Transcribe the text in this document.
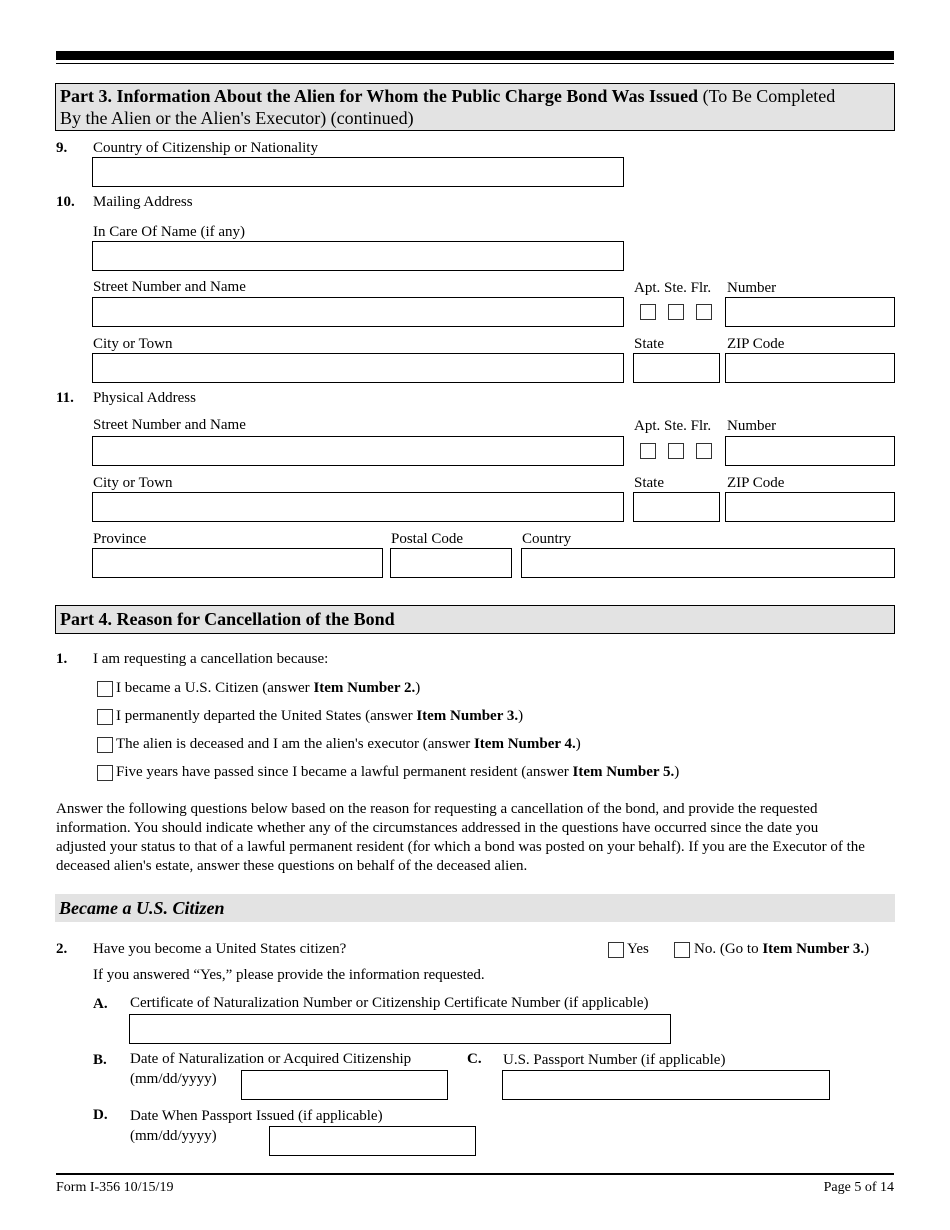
Part 3. Information About the Alien for Whom the Public Charge Bond Was Issued (To Be Completed
By the Alien or the Alien's Executor) (continued)
9. Country of Citizenship or Nationality
10. Mailing Address
In Care Of Name (if any)
Street Number and Name	Apt. Ste. Flr. Number
City or Town	State	ZIP Code
11. Physical Address
Street Number and Name	Apt. Ste. Flr. Number
City or Town	State	ZIP Code
Province	Postal Code	Country
Part 4. Reason for Cancellation of the Bond
1. I am requesting a cancellation because:
I became a U.S. Citizen (answer Item Number 2.)
I permanently departed the United States (answer Item Number 3.)
The alien is deceased and I am the alien's executor (answer Item Number 4.)
Five years have passed since I became a lawful permanent resident (answer Item Number 5.)
Answer the following questions below based on the reason for requesting a cancellation of the bond, and provide the requested
information. You should indicate whether any of the circumstances addressed in the questions have occurred since the date you
adjusted your status to that of a lawful permanent resident (for which a bond was posted on your behalf). If you are the Executor of the
deceased alien's estate, answer these questions on behalf of the deceased alien.
Became a U.S. Citizen
2. Have you become a United States citizen?	Yes	No. (Go to Item Number 3.)
If you answered “Yes,” please provide the information requested.
A. Certificate of Naturalization Number or Citizenship Certificate Number (if applicable)
B. Date of Naturalization or Acquired Citizenship
(mm/dd/yyyy)
C. U.S. Passport Number (if applicable)
D. Date When Passport Issued (if applicable)
(mm/dd/yyyy)
Form I-356 10/15/19	Page 5 of 14
